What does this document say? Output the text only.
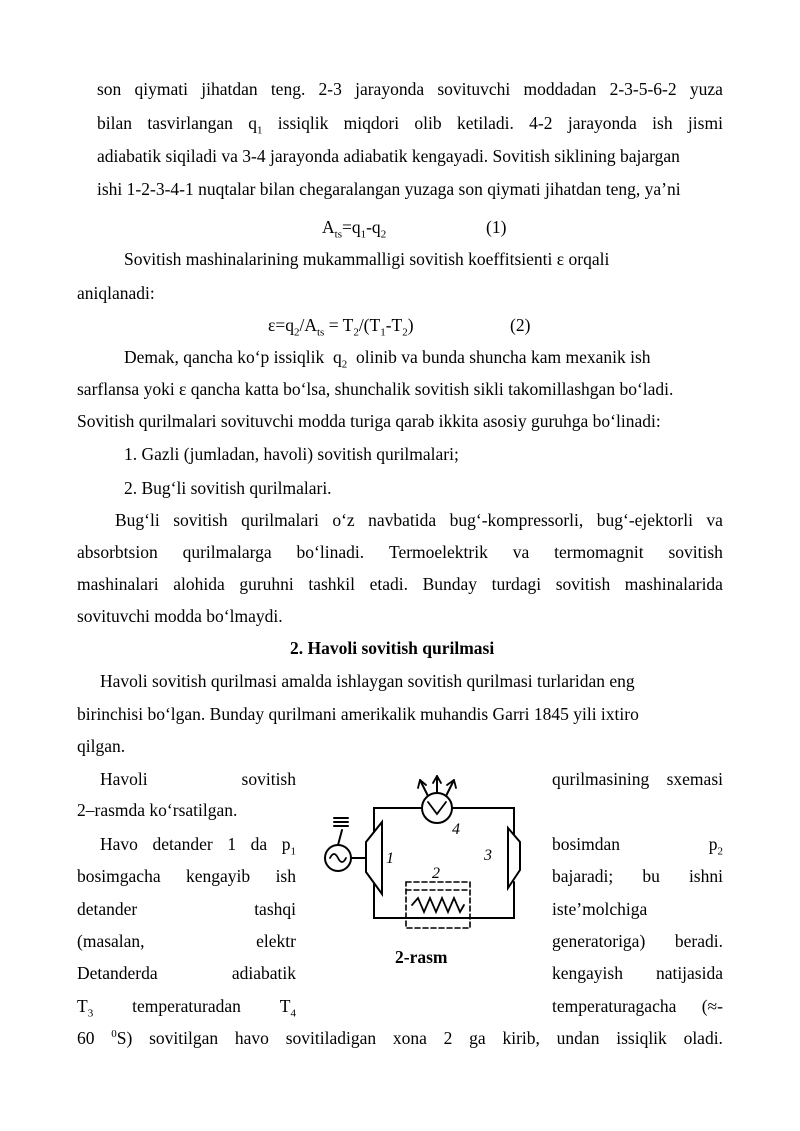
son qiymati jihatdan teng. 2-3 jarayonda sovituvchi moddadan 2-3-5-6-2 yuza
bilan tasvirlangan $q_1$ issiqlik miqdori olib ketiladi. 4-2 jarayonda ish jismi
adiabatik siqiladi va 3-4 jarayonda adiabatik kengayadi. Sovitish siklining bajargan
ishi 1-2-3-4-1 nuqtalar bilan chegaralangan yuzaga son qiymati jihatdan teng, ya’ni
$A_{ts}=q_1-q_2$	(1)
Sovitish mashinalarining mukammalligi sovitish koeffitsienti ε orqali
aniqlanadi:
$\varepsilon=q_2/A_{ts} = T_2/(T_1-T_2)$	(2)
Demak, qancha ko‘p issiqlik $q_2$ olinib va bunda shuncha kam mexanik ish
sarflansa yoki ε qancha katta bo‘lsa, shunchalik sovitish sikli takomillashgan bo‘ladi.
Sovitish qurilmalari sovituvchi modda turiga qarab ikkita asosiy guruhga bo‘linadi:
1. Gazli (jumladan, havoli) sovitish qurilmalari;
2. Bug‘li sovitish qurilmalari.
Bug‘li sovitish qurilmalari o‘z navbatida bug‘-kompressorli, bug‘-ejektorli va
absorbtsion qurilmalarga bo‘linadi. Termoelektrik va termomagnit sovitish
mashinalari alohida guruhni tashkil etadi. Bunday turdagi sovitish mashinalarida
sovituvchi modda bo‘lmaydi.
2. Havoli sovitish qurilmasi
Havoli sovitish qurilmasi amalda ishlaygan sovitish qurilmasi turlaridan eng
birinchisi bo‘lgan. Bunday qurilmani amerikalik muhandis Garri 1845 yili ixtiro
qilgan.
Havoli	sovitish
2–rasmda ko‘rsatilgan.
Havo detander 1 da $p_1$
bosimgacha kengayib ish
detander	tashqi
(masalan,	elektr
Detanderda	adiabatik
$T_3$ temperaturadan $T_4$
qurilmasining sxemasi
bosimdan	$p_2$
bajaradi; bu ishni
iste’molchiga
generatoriga) beradi.
kengayish natijasida
temperaturagacha (≈-
60 $^0$S) sovitilgan havo sovitiladigan xona 2 ga kirib, undan issiqlik oladi.
1
2
3
4
2-rasm
